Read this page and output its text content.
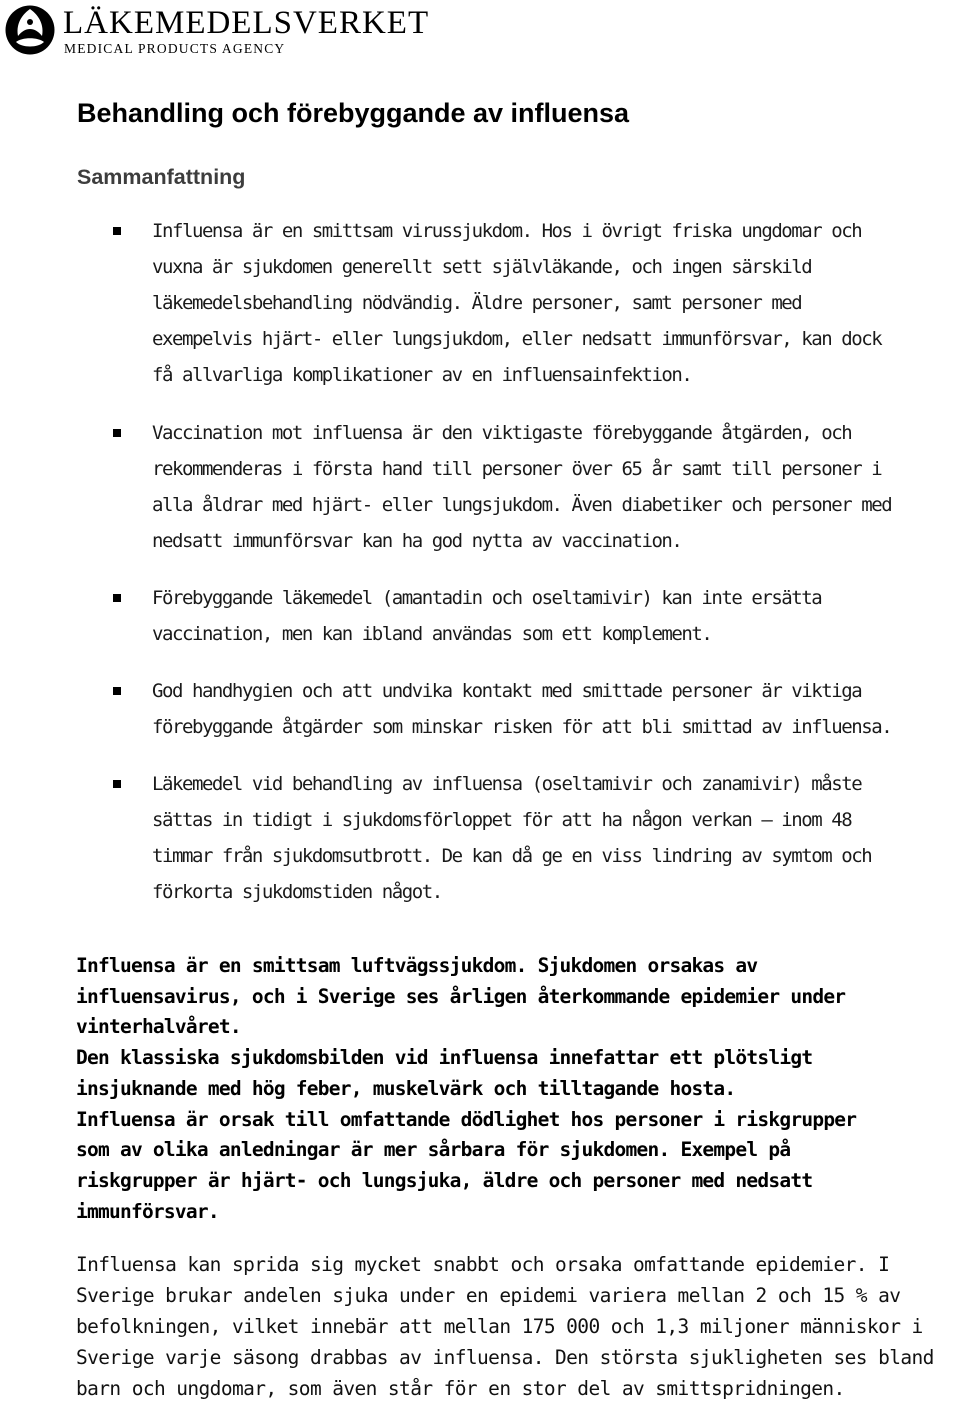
LÄKEMEDELSVERKET
MEDICAL PRODUCTS AGENCY
Behandling och förebyggande av influensa
Sammanfattning
Influensa är en smittsam virussjukdom. Hos i övrigt friska ungdomar och
vuxna är sjukdomen generellt sett självläkande, och ingen särskild
läkemedelsbehandling nödvändig. Äldre personer, samt personer med
exempelvis hjärt- eller lungsjukdom, eller nedsatt immunförsvar, kan dock
få allvarliga komplikationer av en influensainfektion.
Vaccination mot influensa är den viktigaste förebyggande åtgärden, och
rekommenderas i första hand till personer över 65 år samt till personer i
alla åldrar med hjärt- eller lungsjukdom. Även diabetiker och personer med
nedsatt immunförsvar kan ha god nytta av vaccination.
Förebyggande läkemedel (amantadin och oseltamivir) kan inte ersätta
vaccination, men kan ibland användas som ett komplement.
God handhygien och att undvika kontakt med smittade personer är viktiga
förebyggande åtgärder som minskar risken för att bli smittad av influensa.
Läkemedel vid behandling av influensa (oseltamivir och zanamivir) måste
sättas in tidigt i sjukdomsförloppet för att ha någon verkan – inom 48
timmar från sjukdomsutbrott. De kan då ge en viss lindring av symtom och
förkorta sjukdomstiden något.
Influensa är en smittsam luftvägssjukdom. Sjukdomen orsakas av
influensavirus, och i Sverige ses årligen återkommande epidemier under
vinterhalvåret.
Den klassiska sjukdomsbilden vid influensa innefattar ett plötsligt
insjuknande med hög feber, muskelvärk och tilltagande hosta.
Influensa är orsak till omfattande dödlighet hos personer i riskgrupper
som av olika anledningar är mer sårbara för sjukdomen. Exempel på
riskgrupper är hjärt- och lungsjuka, äldre och personer med nedsatt
immunförsvar.
Influensa kan sprida sig mycket snabbt och orsaka omfattande epidemier. I
Sverige brukar andelen sjuka under en epidemi variera mellan 2 och 15 % av
befolkningen, vilket innebär att mellan 175 000 och 1,3 miljoner människor i
Sverige varje säsong drabbas av influensa. Den största sjukligheten ses bland
barn och ungdomar, som även står för en stor del av smittspridningen.
